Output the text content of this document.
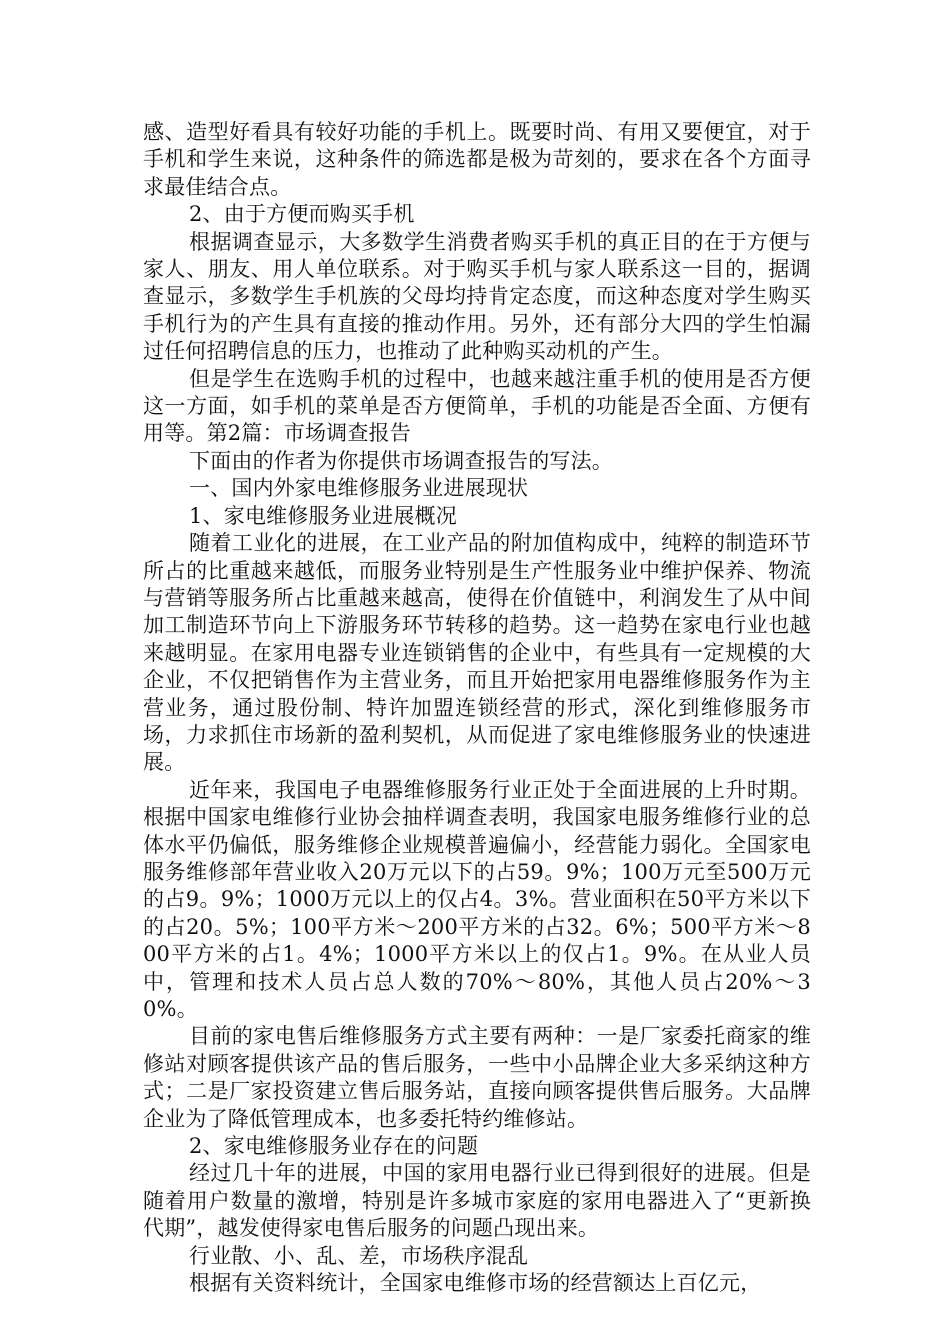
感、造型好看具有较好功能的手机上。既要时尚、有用又要便宜，对于手机和学生来说，这种条件的筛选都是极为苛刻的，要求在各个方面寻求最佳结合点。

2、由于方便而购买手机

根据调查显示，大多数学生消费者购买手机的真正目的在于方便与家人、朋友、用人单位联系。对于购买手机与家人联系这一目的，据调查显示，多数学生手机族的父母均持肯定态度，而这种态度对学生购买手机行为的产生具有直接的推动作用。另外，还有部分大四的学生怕漏过任何招聘信息的压力，也推动了此种购买动机的产生。

但是学生在选购手机的过程中，也越来越注重手机的使用是否方便这一方面，如手机的菜单是否方便简单，手机的功能是否全面、方便有用等。第2篇：市场调查报告

下面由的作者为你提供市场调查报告的写法。

一、国内外家电维修服务业进展现状

1、家电维修服务业进展概况

随着工业化的进展，在工业产品的附加值构成中，纯粹的制造环节所占的比重越来越低，而服务业特别是生产性服务业中维护保养、物流与营销等服务所占比重越来越高，使得在价值链中，利润发生了从中间加工制造环节向上下游服务环节转移的趋势。这一趋势在家电行业也越来越明显。在家用电器专业连锁销售的企业中，有些具有一定规模的大企业，不仅把销售作为主营业务，而且开始把家用电器维修服务作为主营业务，通过股份制、特许加盟连锁经营的形式，深化到维修服务市场，力求抓住市场新的盈利契机，从而促进了家电维修服务业的快速进展。

近年来，我国电子电器维修服务行业正处于全面进展的上升时期。根据中国家电维修行业协会抽样调查表明，我国家电服务维修行业的总体水平仍偏低，服务维修企业规模普遍偏小，经营能力弱化。全国家电服务维修部年营业收入20万元以下的占59。9%；100万元至500万元的占9。9%；1000万元以上的仅占4。3%。营业面积在50平方米以下的占20。5%；100平方米～200平方米的占32。6%；500平方米～800平方米的占1。4%；1000平方米以上的仅占1。9%。在从业人员中，管理和技术人员占总人数的70%～80%，其他人员占20%～30%。

目前的家电售后维修服务方式主要有两种：一是厂家委托商家的维修站对顾客提供该产品的售后服务，一些中小品牌企业大多采纳这种方式；二是厂家投资建立售后服务站，直接向顾客提供售后服务。大品牌企业为了降低管理成本，也多委托特约维修站。

2、家电维修服务业存在的问题

经过几十年的进展，中国的家用电器行业已得到很好的进展。但是随着用户数量的激增，特别是许多城市家庭的家用电器进入了“更新换代期”，越发使得家电售后服务的问题凸现出来。

行业散、小、乱、差，市场秩序混乱

根据有关资料统计，全国家电维修市场的经营额达上百亿元，
